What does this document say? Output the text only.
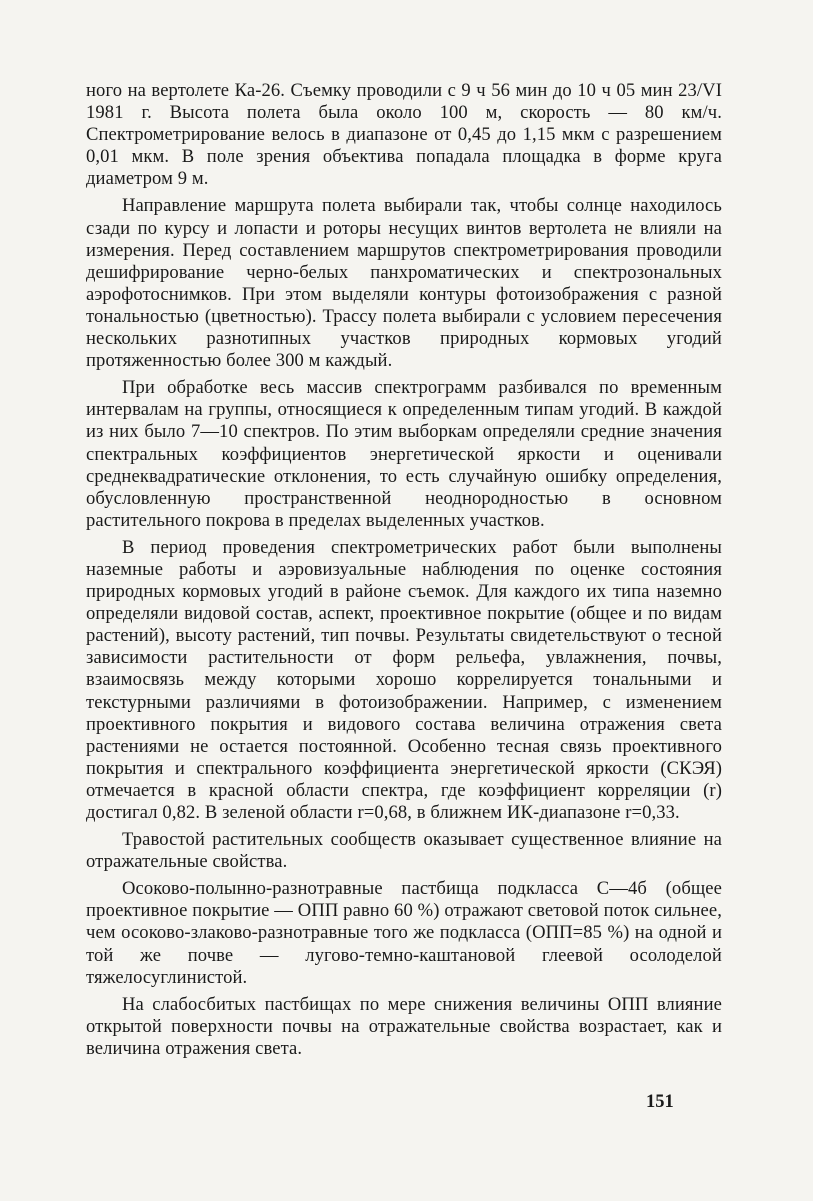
ного на вертолете Ка-26. Съемку проводили с 9 ч 56 мин до 10 ч 05 мин 23/VI 1981 г. Высота полета была около 100 м, скорость — 80 км/ч. Спектрометрирование велось в диапазоне от 0,45 до 1,15 мкм с разрешением 0,01 мкм. В поле зрения объектива попадала площадка в форме круга диаметром 9 м.

Направление маршрута полета выбирали так, чтобы солнце находилось сзади по курсу и лопасти и роторы несущих винтов вертолета не влияли на измерения. Перед составлением маршрутов спектрометрирования проводили дешифрирование черно-белых панхроматических и спектрозональных аэрофотоснимков. При этом выделяли контуры фотоизображения с разной тональностью (цветностью). Трассу полета выбирали с условием пересечения нескольких разнотипных участков природных кормовых угодий протяженностью более 300 м каждый.

При обработке весь массив спектрограмм разбивался по временным интервалам на группы, относящиеся к определенным типам угодий. В каждой из них было 7—10 спектров. По этим выборкам определяли средние значения спектральных коэффициентов энергетической яркости и оценивали среднеквадратические отклонения, то есть случайную ошибку определения, обусловленную пространственной неоднородностью в основном растительного покрова в пределах выделенных участков.

В период проведения спектрометрических работ были выполнены наземные работы и аэровизуальные наблюдения по оценке состояния природных кормовых угодий в районе съемок. Для каждого их типа наземно определяли видовой состав, аспект, проективное покрытие (общее и по видам растений), высоту растений, тип почвы. Результаты свидетельствуют о тесной зависимости растительности от форм рельефа, увлажнения, почвы, взаимосвязь между которыми хорошо коррелируется тональными и текстурными различиями в фотоизображении. Например, с изменением проективного покрытия и видового состава величина отражения света растениями не остается постоянной. Особенно тесная связь проективного покрытия и спектрального коэффициента энергетической яркости (СКЭЯ) отмечается в красной области спектра, где коэффициент корреляции (r) достигал 0,82. В зеленой области r=0,68, в ближнем ИК-диапазоне r=0,33.

Травостой растительных сообществ оказывает существенное влияние на отражательные свойства.

Осоково-полынно-разнотравные пастбища подкласса С—4б (общее проективное покрытие — ОПП равно 60 %) отражают световой поток сильнее, чем осоково-злаково-разнотравные того же подкласса (ОПП=85 %) на одной и той же почве — лугово-темно-каштановой глеевой осолоделой тяжелосуглинистой.

На слабосбитых пастбищах по мере снижения величины ОПП влияние открытой поверхности почвы на отражательные свойства возрастает, как и величина отражения света.

151
